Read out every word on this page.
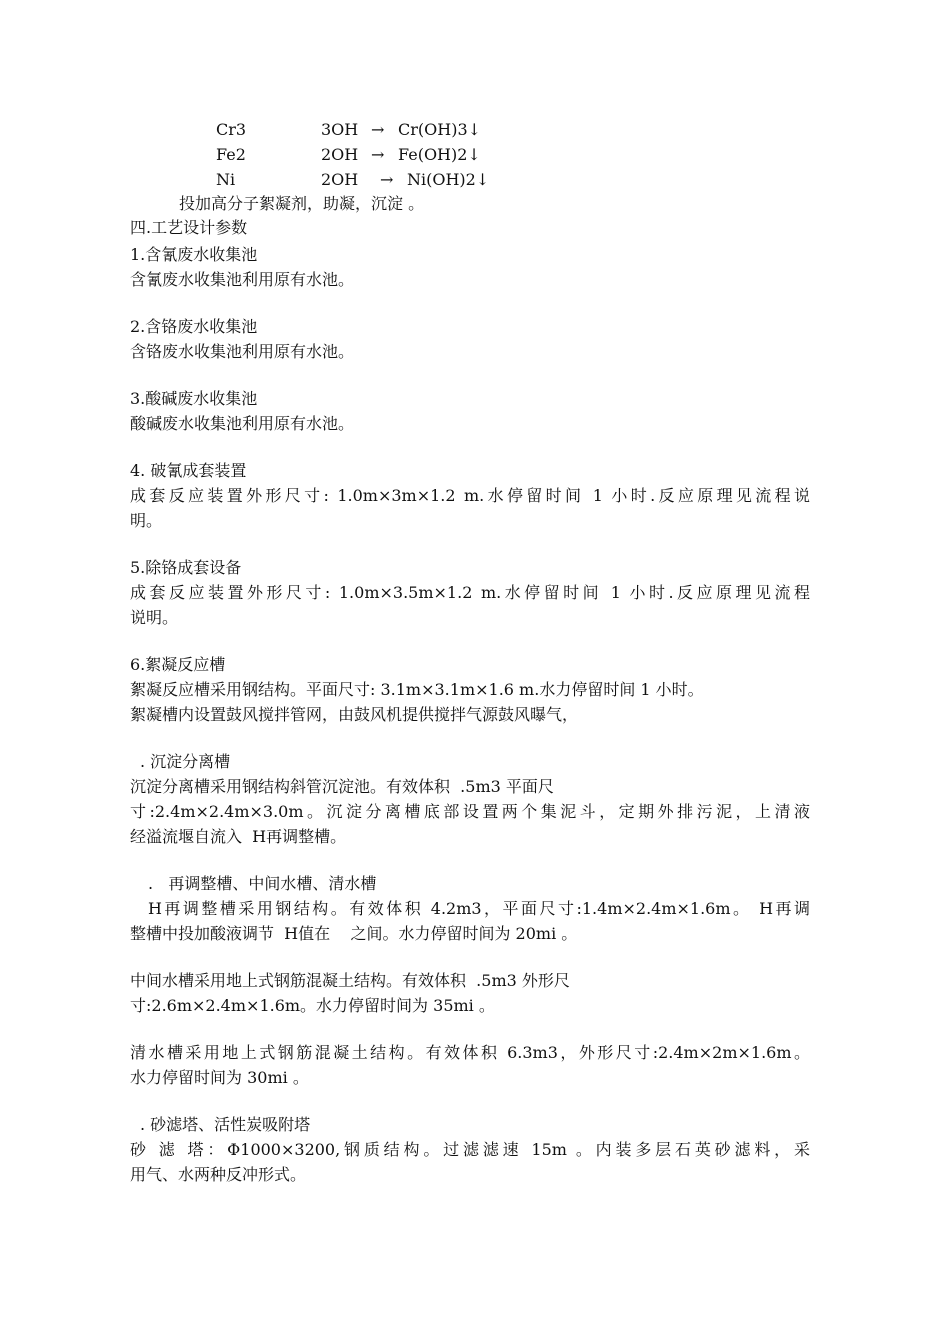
Cr3	3OH → Cr(OH)3↓
Fe2	2OH → Fe(OH)2↓
Ni	2OH → Ni(OH)2↓
投加高分子絮凝剂，助凝，沉淀 。
四.工艺设计参数
1.含氰废水收集池
含氰废水收集池利用原有水池。
2.含铬废水收集池
含铬废水收集池利用原有水池。
3.酸碱废水收集池
酸碱废水收集池利用原有水池。
4. 破氰成套装置
成套反应装置外形尺寸: 1.0m×3m×1.2 m.水停留时间 1 小时.反应原理见流程说
明。
5.除铬成套设备
成套反应装置外形尺寸: 1.0m×3.5m×1.2 m.水停留时间 1 小时.反应原理见流程
说明。
6.絮凝反应槽
絮凝反应槽采用钢结构。平面尺寸: 3.1m×3.1m×1.6 m.水力停留时间 1 小时。
絮凝槽内设置鼓风搅拌管网，由鼓风机提供搅拌气源鼓风曝气，
. 沉淀分离槽
沉淀分离槽采用钢结构斜管沉淀池。有效体积  .5m3 平面尺
寸:2.4m×2.4m×3.0m。沉淀分离槽底部设置两个集泥斗，定期外排污泥，上清液
经溢流堰自流入  H再调整槽。
.   再调整槽、中间水槽、清水槽
H再调整槽采用钢结构。有效体积 4.2m3，平面尺寸:1.4m×2.4m×1.6m。 H再调
整槽中投加酸液调节  H值在    之间。水力停留时间为 20mi 。
中间水槽采用地上式钢筋混凝土结构。有效体积  .5m3 外形尺
寸:2.6m×2.4m×1.6m。水力停留时间为 35mi 。
清水槽采用地上式钢筋混凝土结构。有效体积 6.3m3，外形尺寸:2.4m×2m×1.6m。
水力停留时间为 30mi 。
. 砂滤塔、活性炭吸附塔
砂 滤 塔：Φ1000×3200,钢质结构。过滤滤速 15m 。内装多层石英砂滤料，采
用气、水两种反冲形式。
